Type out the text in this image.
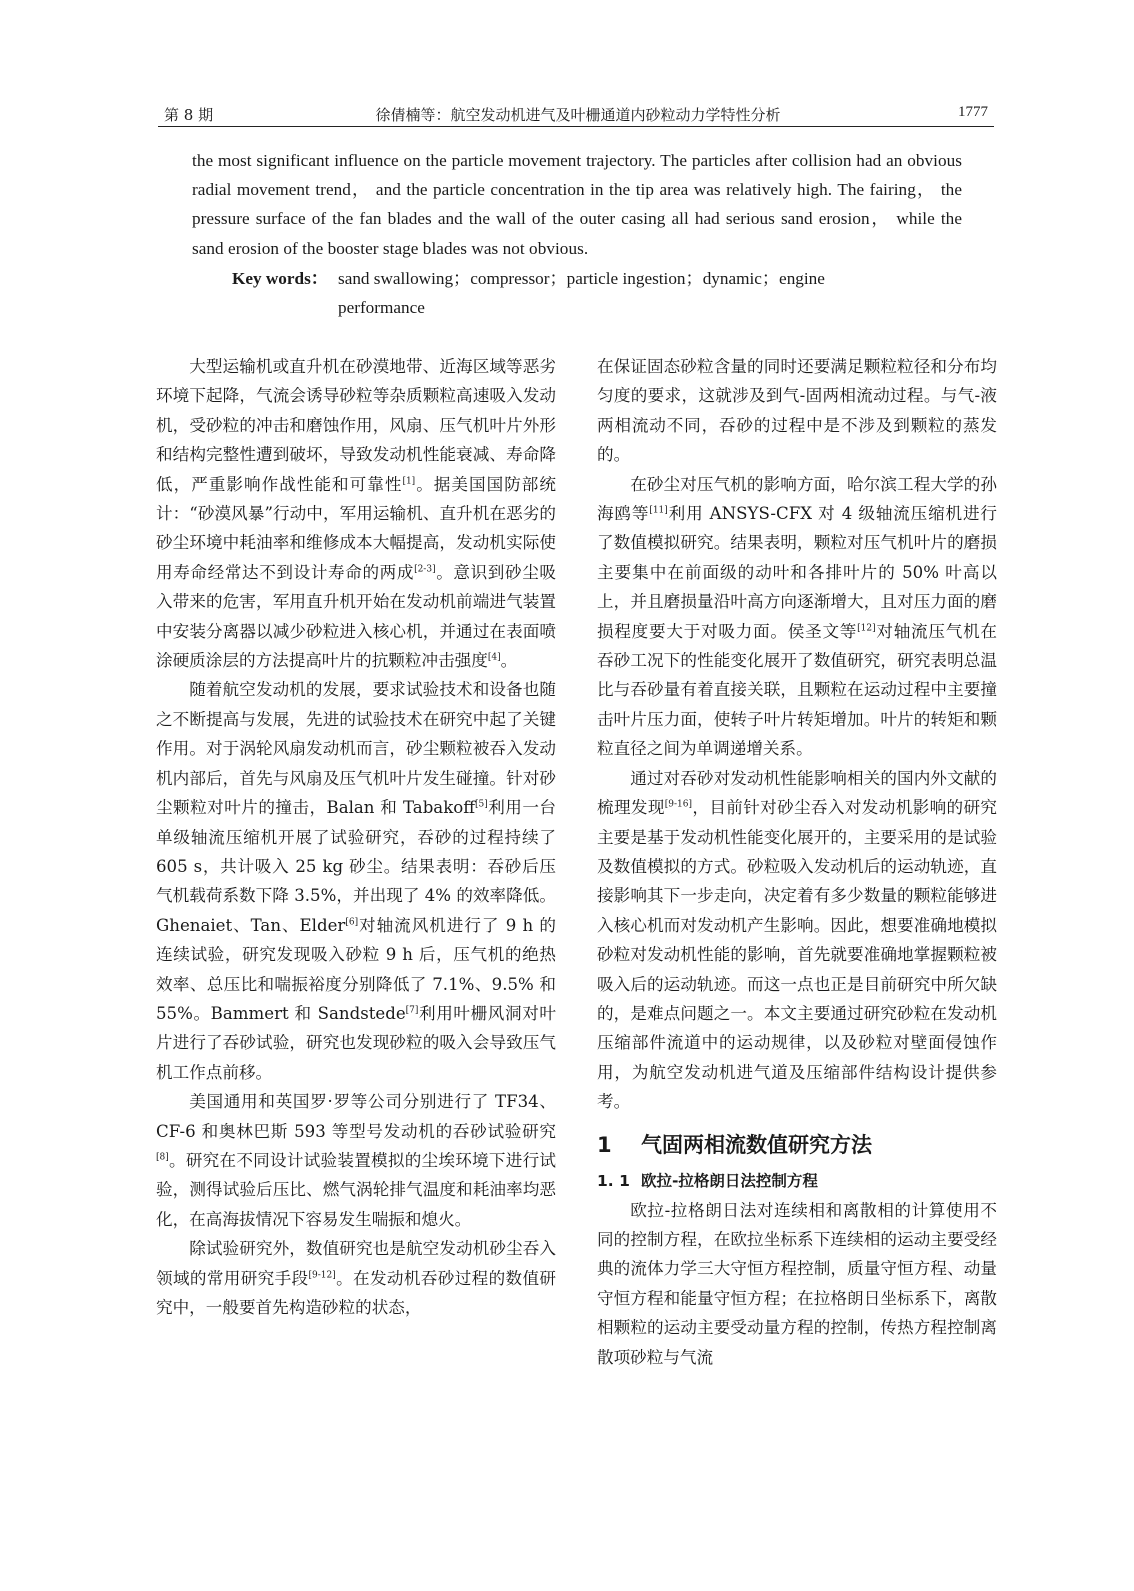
第 8 期	徐倩楠等：航空发动机进气及叶栅通道内砂粒动力学特性分析	1777

the most significant influence on the particle movement trajectory. The particles after collision had an obvious radial movement trend， and the particle concentration in the tip area was relatively high. The fairing， the pressure surface of the fan blades and the wall of the outer casing all had serious sand erosion， while the sand erosion of the booster stage blades was not obvious.

Key words： sand swallowing；compressor；particle ingestion；dynamic；engine performance

大型运输机或直升机在砂漠地带、近海区域等恶劣环境下起降，气流会诱导砂粒等杂质颗粒高速吸入发动机，受砂粒的冲击和磨蚀作用，风扇、压气机叶片外形和结构完整性遭到破坏，导致发动机性能衰减、寿命降低，严重影响作战性能和可靠性[1]。据美国国防部统计：“砂漠风暴”行动中，军用运输机、直升机在恶劣的砂尘环境中耗油率和维修成本大幅提高，发动机实际使用寿命经常达不到设计寿命的两成[2-3]。意识到砂尘吸入带来的危害，军用直升机开始在发动机前端进气装置中安装分离器以减少砂粒进入核心机，并通过在表面喷涂硬质涂层的方法提高叶片的抗颗粒冲击强度[4]。

随着航空发动机的发展，要求试验技术和设备也随之不断提高与发展，先进的试验技术在研究中起了关键作用。对于涡轮风扇发动机而言，砂尘颗粒被吞入发动机内部后，首先与风扇及压气机叶片发生碰撞。针对砂尘颗粒对叶片的撞击，Balan 和 Tabakoff[5]利用一台单级轴流压缩机开展了试验研究，吞砂的过程持续了 605 s，共计吸入 25 kg 砂尘。结果表明：吞砂后压气机载荷系数下降 3.5%，并出现了 4% 的效率降低。Ghenaiet、Tan、Elder[6]对轴流风机进行了 9 h 的连续试验，研究发现吸入砂粒 9 h 后，压气机的绝热效率、总压比和喘振裕度分别降低了 7.1%、9.5% 和 55%。Bammert 和 Sandstede[7]利用叶栅风洞对叶片进行了吞砂试验，研究也发现砂粒的吸入会导致压气机工作点前移。

美国通用和英国罗·罗等公司分别进行了 TF34、CF-6 和奥林巴斯 593 等型号发动机的吞砂试验研究[8]。研究在不同设计试验装置模拟的尘埃环境下进行试验，测得试验后压比、燃气涡轮排气温度和耗油率均恶化，在高海拔情况下容易发生喘振和熄火。

除试验研究外，数值研究也是航空发动机砂尘吞入领域的常用研究手段[9-12]。在发动机吞砂过程的数值研究中，一般要首先构造砂粒的状态，

在保证固态砂粒含量的同时还要满足颗粒粒径和分布均匀度的要求，这就涉及到气-固两相流动过程。与气-液两相流动不同，吞砂的过程中是不涉及到颗粒的蒸发的。

在砂尘对压气机的影响方面，哈尔滨工程大学的孙海鸥等[11]利用 ANSYS-CFX 对 4 级轴流压缩机进行了数值模拟研究。结果表明，颗粒对压气机叶片的磨损主要集中在前面级的动叶和各排叶片的 50% 叶高以上，并且磨损量沿叶高方向逐渐增大，且对压力面的磨损程度要大于对吸力面。侯圣文等[12]对轴流压气机在吞砂工况下的性能变化展开了数值研究，研究表明总温比与吞砂量有着直接关联，且颗粒在运动过程中主要撞击叶片压力面，使转子叶片转矩增加。叶片的转矩和颗粒直径之间为单调递增关系。

通过对吞砂对发动机性能影响相关的国内外文献的梳理发现[9-16]，目前针对砂尘吞入对发动机影响的研究主要是基于发动机性能变化展开的，主要采用的是试验及数值模拟的方式。砂粒吸入发动机后的运动轨迹，直接影响其下一步走向，决定着有多少数量的颗粒能够进入核心机而对发动机产生影响。因此，想要准确地模拟砂粒对发动机性能的影响，首先就要准确地掌握颗粒被吸入后的运动轨迹。而这一点也正是目前研究中所欠缺的，是难点问题之一。本文主要通过研究砂粒在发动机压缩部件流道中的运动规律，以及砂粒对壁面侵蚀作用，为航空发动机进气道及压缩部件结构设计提供参考。

1 气固两相流数值研究方法
1. 1 欧拉-拉格朗日法控制方程

欧拉-拉格朗日法对连续相和离散相的计算使用不同的控制方程，在欧拉坐标系下连续相的运动主要受经典的流体力学三大守恒方程控制，质量守恒方程、动量守恒方程和能量守恒方程；在拉格朗日坐标系下，离散相颗粒的运动主要受动量方程的控制，传热方程控制离散项砂粒与气流
